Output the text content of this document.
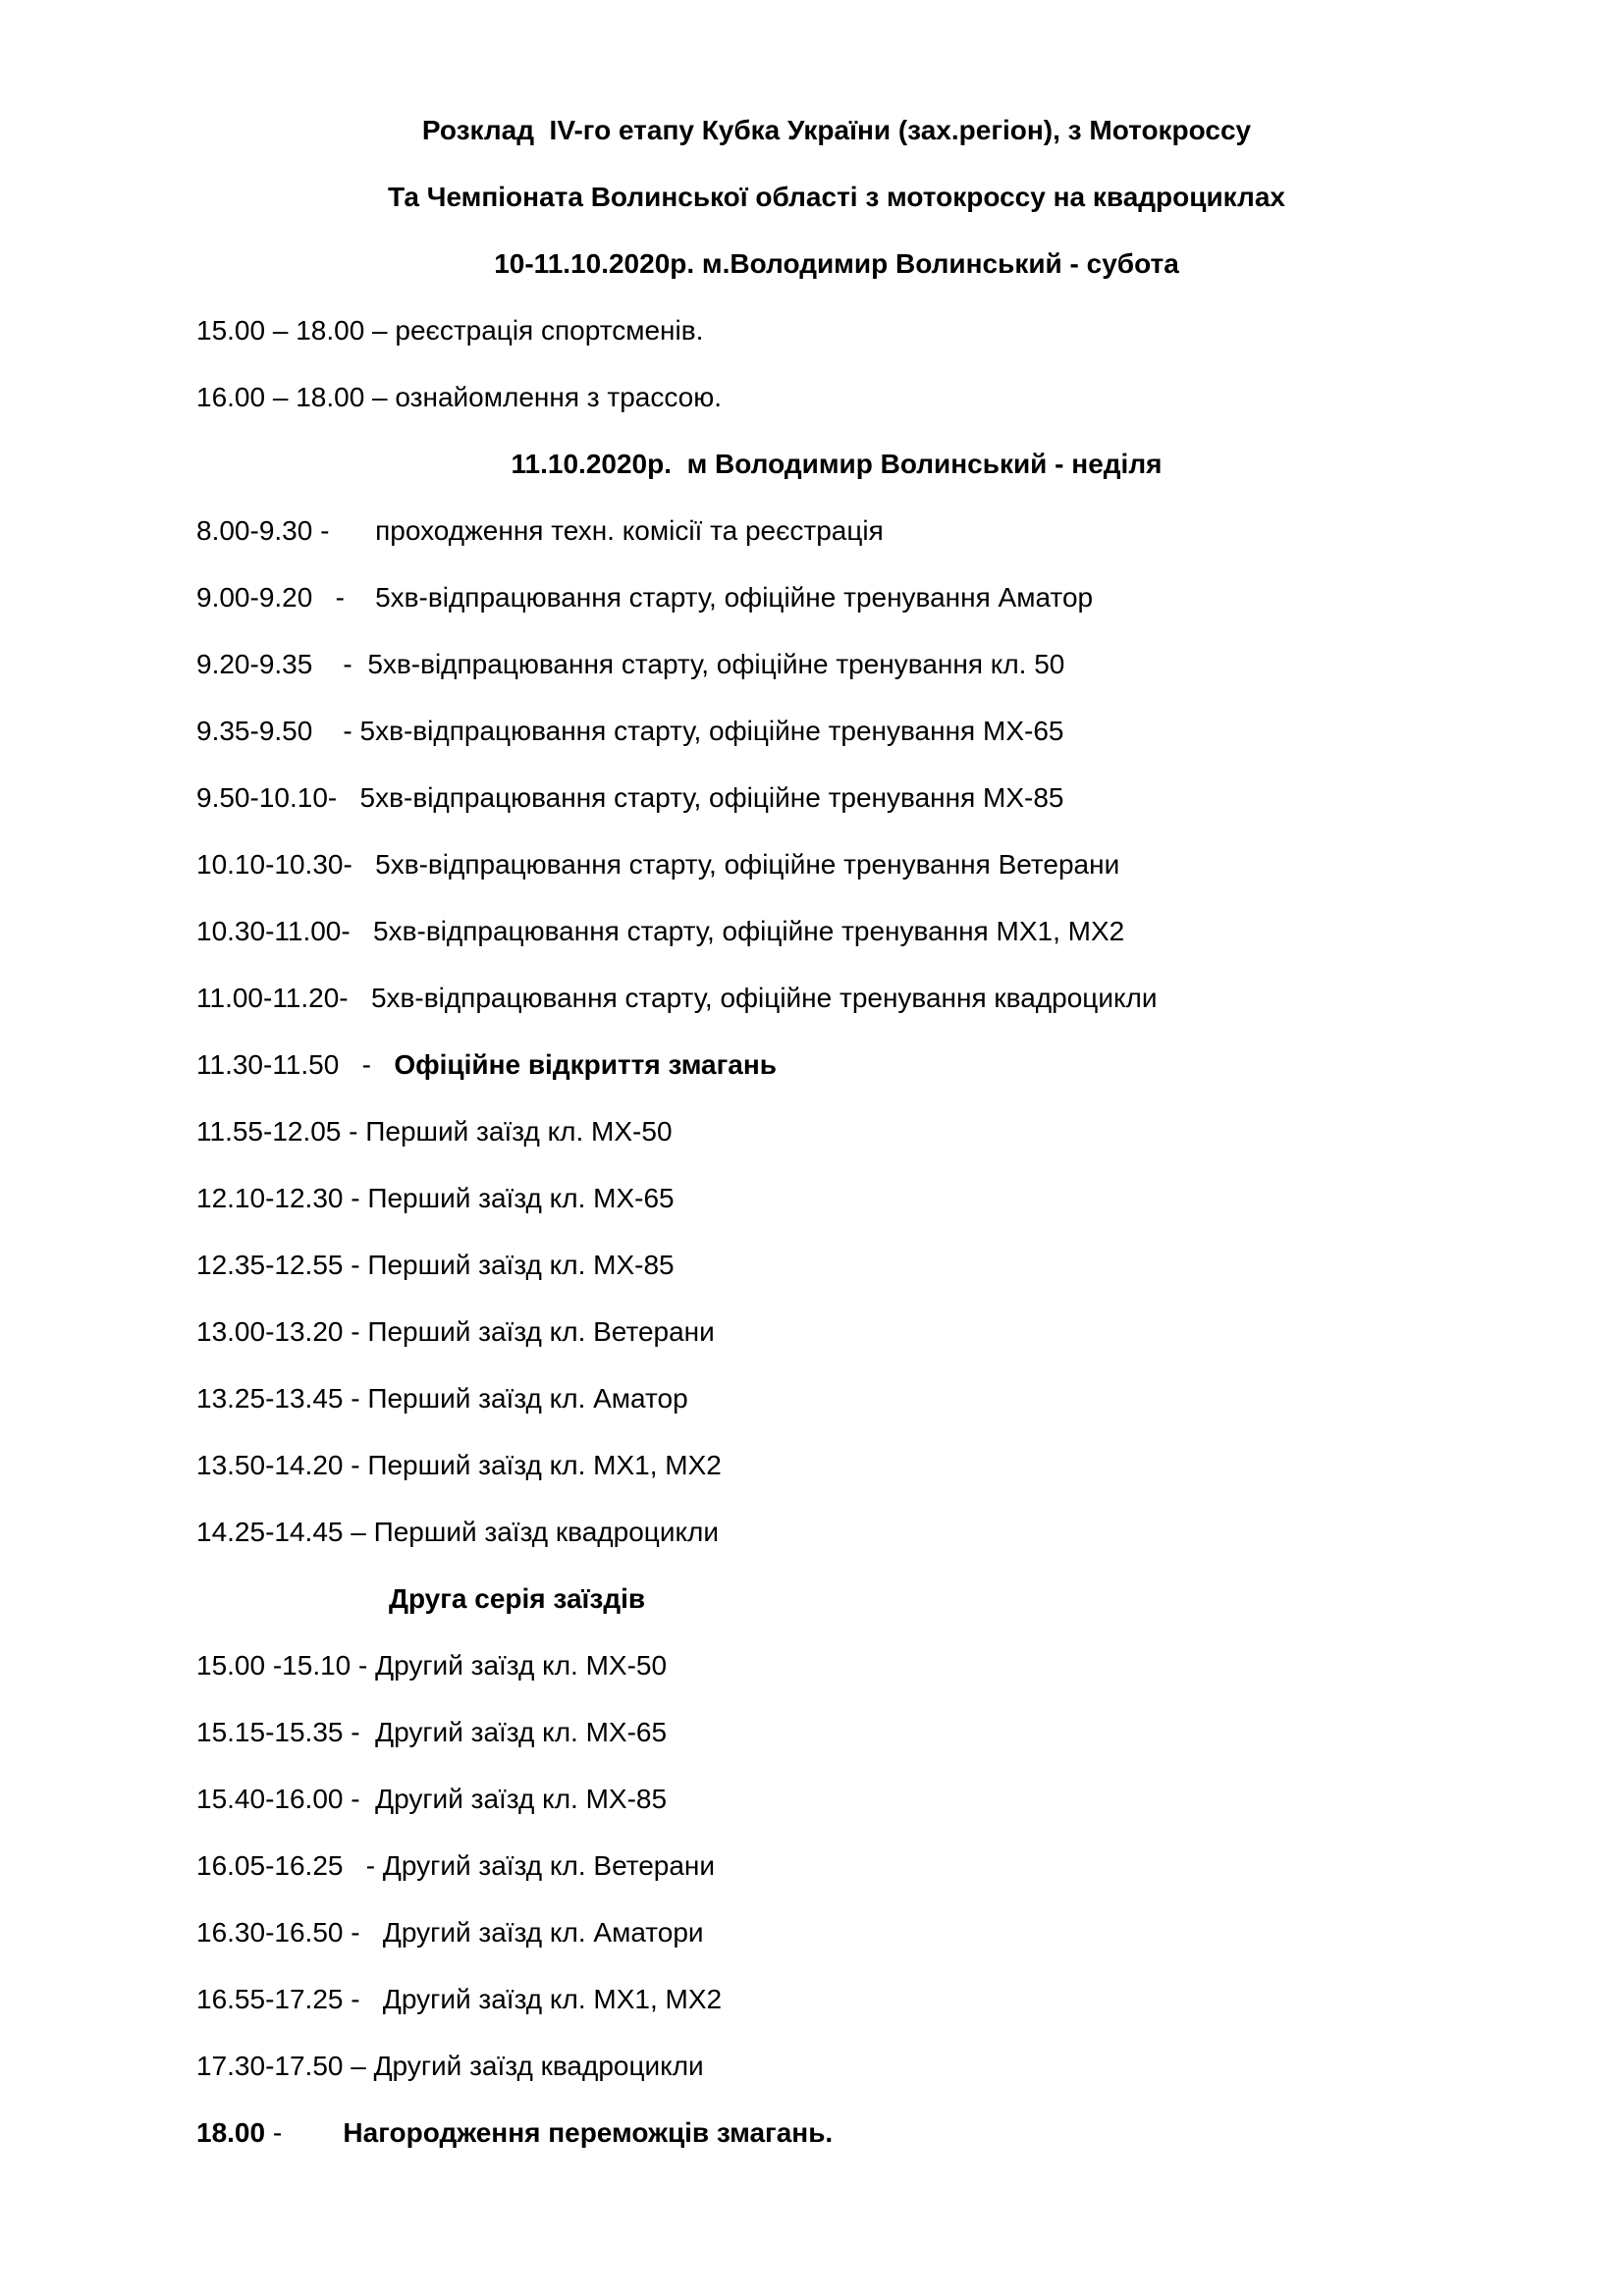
Розклад  IV-го етапу Кубка України (зах.регіон), з Мотокроссу
Та Чемпіоната Волинської області з мотокроссу на квадроциклах
10-11.10.2020р. м.Володимир Волинський - субота
15.00 – 18.00 – реєстрація спортсменів.
16.00 – 18.00 – ознайомлення з трассою.
11.10.2020р.  м Володимир Волинський - неділя
8.00-9.30 -      проходження техн. комісії та реєстрація
9.00-9.20   -    5хв-відпрацювання старту, офіційне тренування Аматор
9.20-9.35    -  5хв-відпрацювання старту, офіційне тренування кл. 50
9.35-9.50    - 5хв-відпрацювання старту, офіційне тренування МХ-65
9.50-10.10-   5хв-відпрацювання старту, офіційне тренування МХ-85
10.10-10.30-   5хв-відпрацювання старту, офіційне тренування Ветерани
10.30-11.00-   5хв-відпрацювання старту, офіційне тренування МХ1, МХ2
11.00-11.20-   5хв-відпрацювання старту, офіційне тренування квадроцикли
11.30-11.50   -   Офіційне відкриття змагань
11.55-12.05 - Перший заїзд кл. МХ-50
12.10-12.30 - Перший заїзд кл. МХ-65
12.35-12.55 - Перший заїзд кл. МХ-85
13.00-13.20 - Перший заїзд кл. Ветерани
13.25-13.45 - Перший заїзд кл. Аматор
13.50-14.20 - Перший заїзд кл. МХ1, МХ2
14.25-14.45 – Перший заїзд квадроцикли
Друга серія заїздів
15.00 -15.10 - Другий заїзд кл. МХ-50
15.15-15.35 -  Другий заїзд кл. МХ-65
15.40-16.00 -  Другий заїзд кл. МХ-85
16.05-16.25   - Другий заїзд кл. Ветерани
16.30-16.50 -   Другий заїзд кл. Аматори
16.55-17.25 -   Другий заїзд кл. МХ1, МХ2
17.30-17.50 – Другий заїзд квадроцикли
18.00 -        Нагородження переможців змагань.
